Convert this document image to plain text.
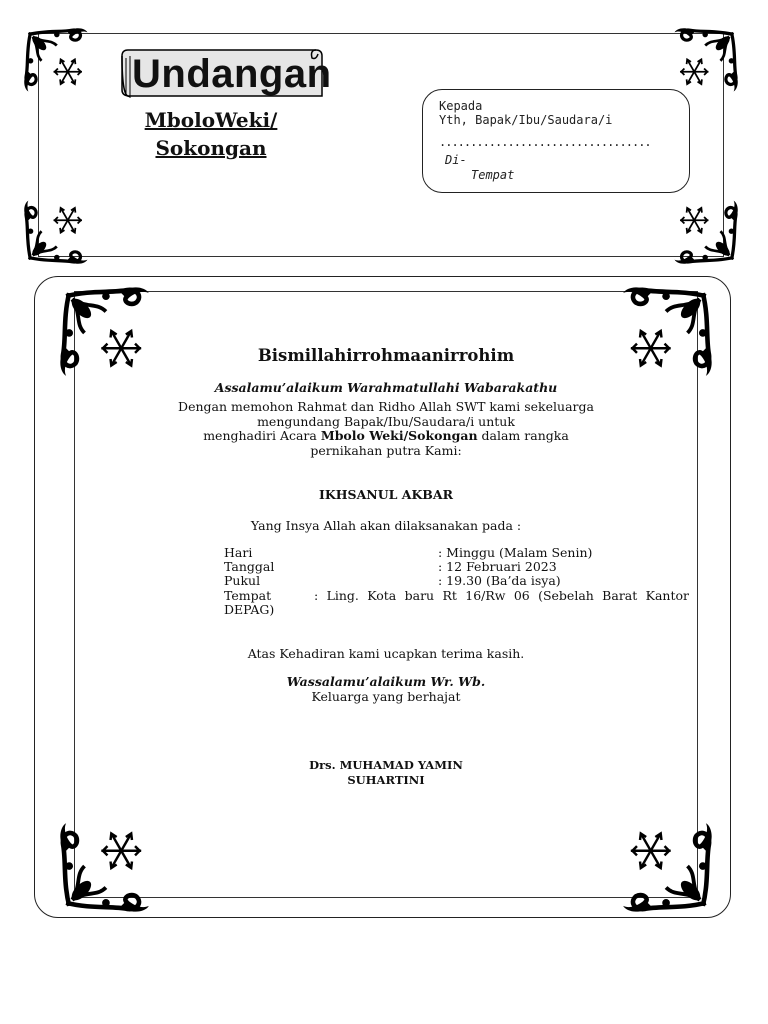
Undangan
MboloWeki/
Sokongan
Kepada
Yth, Bapak/Ibu/Saudara/i
..................................
Di-
Tempat
Bismillahirrohmaanirrohim
Assalamu’alaikum Warahmatullahi Wabarakathu
Dengan memohon Rahmat dan Ridho Allah SWT kami sekeluarga
mengundang Bapak/Ibu/Saudara/i untuk
menghadiri Acara Mbolo Weki/Sokongan dalam rangka
pernikahan putra Kami:
IKHSANUL AKBAR
Yang Insya Allah akan dilaksanakan pada :
Hari	: Minggu (Malam Senin)
Tanggal	: 12 Februari 2023
Pukul	: 19.30 (Ba’da isya)
Tempat	: Ling. Kota baru Rt 16/Rw 06 (Sebelah Barat Kantor DEPAG)
Atas Kehadiran kami ucapkan terima kasih.
Wassalamu’alaikum Wr. Wb.
Keluarga yang berhajat
Drs. MUHAMAD YAMIN
SUHARTINI
